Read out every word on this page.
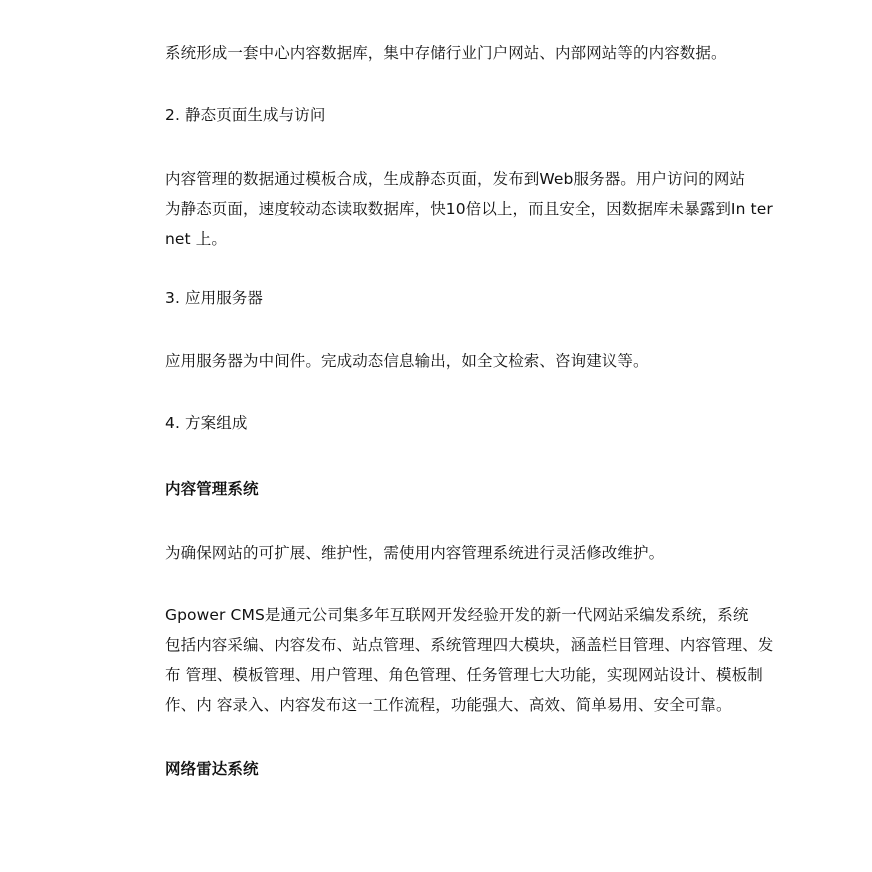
系统形成一套中心内容数据库，集中存储行业门户网站、内部网站等的内容数据。
2. 静态页面生成与访问
内容管理的数据通过模板合成，生成静态页面，发布到Web服务器。用户访问的网站
为静态页面，速度较动态读取数据库，快10倍以上，而且安全，因数据库未暴露到In ter
net 上。
3. 应用服务器
应用服务器为中间件。完成动态信息输出，如全文检索、咨询建议等。
4. 方案组成
内容管理系统
为确保网站的可扩展、维护性，需使用内容管理系统进行灵活修改维护。
Gpower CMS是通元公司集多年互联网开发经验开发的新一代网站采编发系统，系统
包括内容采编、内容发布、站点管理、系统管理四大模块，涵盖栏目管理、内容管理、发
布 管理、模板管理、用户管理、角色管理、任务管理七大功能，实现网站设计、模板制
作、内 容录入、内容发布这一工作流程，功能强大、高效、简单易用、安全可靠。
网络雷达系统
